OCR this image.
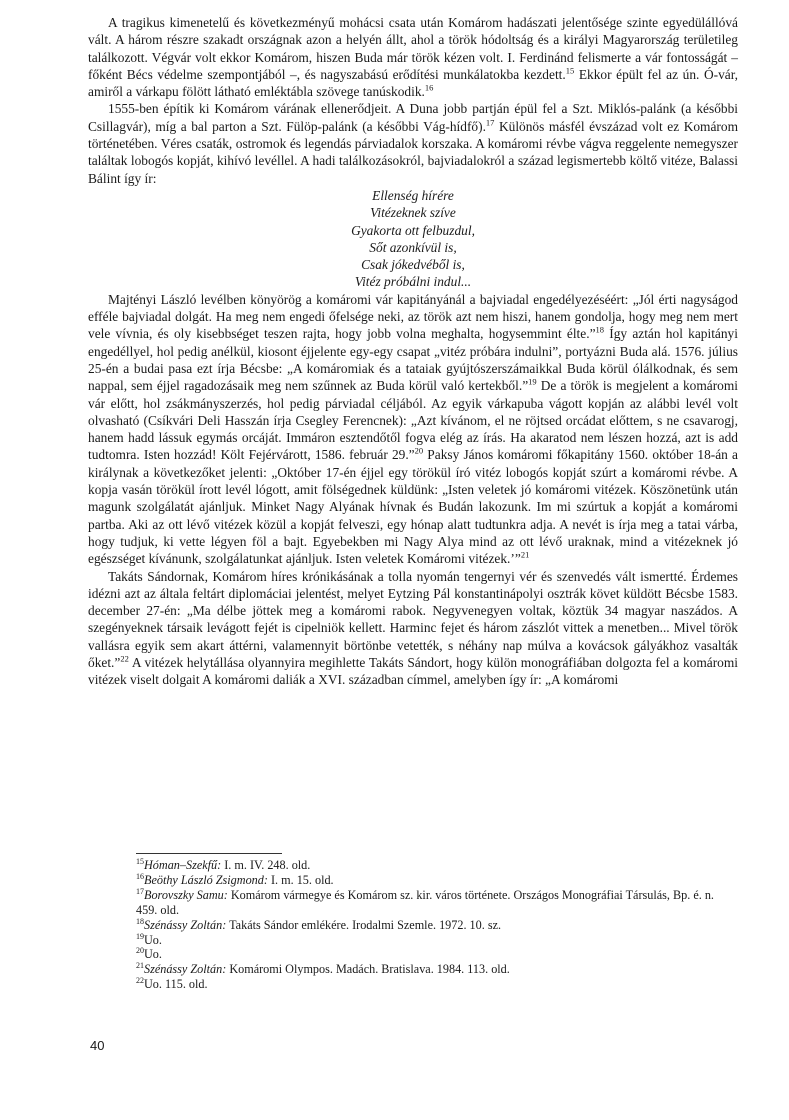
A tragikus kimenetelű és következményű mohácsi csata után Komárom hadászati jelentősége szinte egyedülállóvá vált. A három részre szakadt országnak azon a helyén állt, ahol a török hódoltság és a királyi Magyarország területileg találkozott. Végvár volt ekkor Komárom, hiszen Buda már török kézen volt. I. Ferdinánd felismerte a vár fontosságát – főként Bécs védelme szempontjából –, és nagyszabású erődítési munkálatokba kezdett.$^{15}$ Ekkor épült fel az ún. Ó-vár, amiről a várkapu fölött látható emléktábla szövege tanúskodik.$^{16}$

1555-ben építik ki Komárom várának ellenerődjeit. A Duna jobb partján épül fel a Szt. Miklós-palánk (a későbbi Csillagvár), míg a bal parton a Szt. Fülöp-palánk (a későbbi Vág-hídfő).$^{17}$ Különös másfél évszázad volt ez Komárom történetében. Véres csaták, ostromok és legendás párviadalok korszaka. A komáromi révbe vágva reggelente nemegyszer találtak lobogós kopját, kihívó levéllel. A hadi találkozásokról, bajviadalokról a század legismertebb költő vitéze, Balassi Bálint így ír:

Ellenség hírére
Vitézeknek szíve
Gyakorta ott felbuzdul,
Sőt azonkívül is,
Csak jókedvéből is,
Vitéz próbálni indul...

Majtényi László levélben könyörög a komáromi vár kapitányánál a bajviadal engedélyezéséért: „Jól érti nagyságod efféle bajviadal dolgát. Ha meg nem engedi őfelsége neki, az török azt nem hiszi, hanem gondolja, hogy meg nem mert vele vívnia, és oly kisebbséget teszen rajta, hogy jobb volna meghalta, hogysemmint élte.”$^{18}$ Így aztán hol kapitányi engedéllyel, hol pedig anélkül, kiosont éjjelente egy-egy csapat „vitéz próbára indulni”, portyázni Buda alá. 1576. július 25-én a budai pasa ezt írja Bécsbe: „A komáromiak és a tataiak gyújtószerszámaikkal Buda körül ólálkodnak, és sem nappal, sem éjjel ragadozásaik meg nem szűnnek az Buda körül való kertekből.”$^{19}$ De a török is megjelent a komáromi vár előtt, hol zsákmányszerzés, hol pedig párviadal céljából. Az egyik várkapuba vágott kopján az alábbi levél volt olvasható (Csíkvári Deli Hasszán írja Csegley Ferencnek): „Azt kívánom, el ne röjtsed orcádat előttem, s ne csavarogj, hanem hadd lássuk egymás orcáját. Immáron esztendőtől fogva elég az írás. Ha akaratod nem lészen hozzá, azt is add tudtomra. Isten hozzád! Költ Fejérvárott, 1586. február 29.”$^{20}$ Paksy János komáromi főkapitány 1560. október 18-án a királynak a következőket jelenti: „Október 17-én éjjel egy törökül író vitéz lobogós kopját szúrt a komáromi révbe. A kopja vasán törökül írott levél lógott, amit fölségednek küldünk: „Isten veletek jó komáromi vitézek. Köszönetünk után magunk szolgálatát ajánljuk. Minket Nagy Alyának hívnak és Budán lakozunk. Im mi szúrtuk a kopját a komáromi partba. Aki az ott lévő vitézek közül a kopját felveszi, egy hónap alatt tudtunkra adja. A nevét is írja meg a tatai várba, hogy tudjuk, ki vette légyen föl a bajt. Egyebekben mi Nagy Alya mind az ott lévő uraknak, mind a vitézeknek jó egészséget kívánunk, szolgálatunkat ajánljuk. Isten veletek Komáromi vitézek.’”$^{21}$

Takáts Sándornak, Komárom híres krónikásának a tolla nyomán tengernyi vér és szenvedés vált ismertté. Érdemes idézni azt az általa feltárt diplomáciai jelentést, melyet Eytzing Pál konstantinápolyi osztrák követ küldött Bécsbe 1583. december 27-én: „Ma délbe jöttek meg a komáromi rabok. Negyvenegyen voltak, köztük 34 magyar naszádos. A szegényeknek társaik levágott fejét is cipelniök kellett. Harminc fejet és három zászlót vittek a menetben... Mivel török vallásra egyik sem akart áttérni, valamennyit börtönbe vetették, s néhány nap múlva a kovácsok gályákhoz vasalták őket.”$^{22}$ A vitézek helytállása olyannyira megihlette Takáts Sándort, hogy külön monográfiában dolgozta fel a komáromi vitézek viselt dolgait A komáromi daliák a XVI. században címmel, amelyben így ír: „A komáromi

$^{15}$Hóman–Szekfű: I. m. IV. 248. old.
$^{16}$Beöthy László Zsigmond: I. m. 15. old.
$^{17}$Borovszky Samu: Komárom vármegye és Komárom sz. kir. város története. Országos Monográfiai Társulás, Bp. é. n. 459. old.
$^{18}$Szénássy Zoltán: Takáts Sándor emlékére. Irodalmi Szemle. 1972. 10. sz.
$^{19}$Uo.
$^{20}$Uo.
$^{21}$Szénássy Zoltán: Komáromi Olympos. Madách. Bratislava. 1984. 113. old.
$^{22}$Uo. 115. old.
40
